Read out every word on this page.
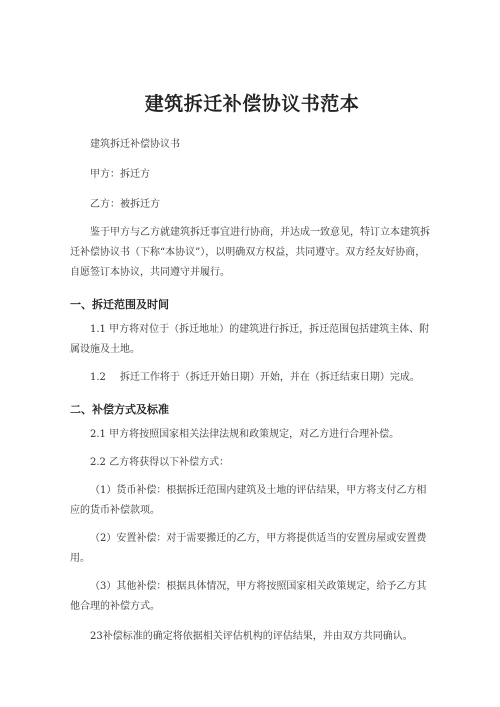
建筑拆迁补偿协议书范本

建筑拆迁补偿协议书

甲方：拆迁方

乙方：被拆迁方

鉴于甲方与乙方就建筑拆迁事宜进行协商，并达成一致意见，特订立本建筑拆迁补偿协议书（下称“本协议”），以明确双方权益，共同遵守。双方经友好协商，自愿签订本协议，共同遵守并履行。

一、拆迁范围及时间

1.1 甲方将对位于（拆迁地址）的建筑进行拆迁，拆迁范围包括建筑主体、附属设施及土地。

1.2 拆迁工作将于（拆迁开始日期）开始，并在（拆迁结束日期）完成。

二、补偿方式及标准

2.1 甲方将按照国家相关法律法规和政策规定，对乙方进行合理补偿。

2.2 乙方将获得以下补偿方式：

（1）货币补偿：根据拆迁范围内建筑及土地的评估结果，甲方将支付乙方相应的货币补偿款项。

（2）安置补偿：对于需要搬迁的乙方，甲方将提供适当的安置房屋或安置费用。

（3）其他补偿：根据具体情况，甲方将按照国家相关政策规定，给予乙方其他合理的补偿方式。

23补偿标准的确定将依据相关评估机构的评估结果，并由双方共同确认。
